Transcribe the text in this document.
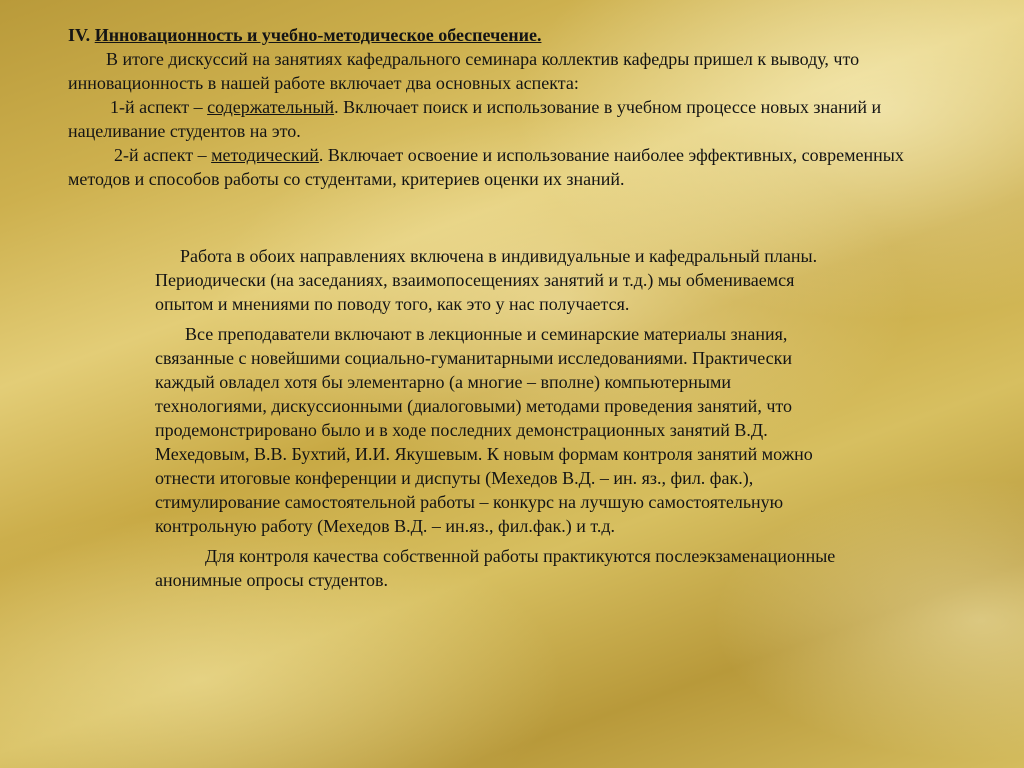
IV. Инновационность и учебно-методическое обеспечение.

В итоге дискуссий на занятиях кафедрального семинара коллектив кафедры пришел к выводу, что инновационность в нашей работе включает два основных аспекта:

1-й аспект – содержательный. Включает поиск и использование в учебном процессе новых знаний и нацеливание студентов на это.

2-й аспект – методический. Включает освоение и использование наиболее эффективных, современных методов и способов работы со студентами, критериев оценки их знаний.

Работа в обоих направлениях включена в индивидуальные и кафедральный планы. Периодически (на заседаниях, взаимопосещениях занятий и т.д.) мы обмениваемся опытом и мнениями по поводу того, как это у нас получается.

Все преподаватели включают в лекционные и семинарские материалы знания, связанные с новейшими социально-гуманитарными исследованиями. Практически каждый овладел хотя бы элементарно (а многие – вполне) компьютерными технологиями, дискуссионными (диалоговыми) методами проведения занятий, что продемонстрировано было и в ходе последних демонстрационных занятий В.Д. Мехедовым, В.В. Бухтий, И.И. Якушевым. К новым формам контроля занятий можно отнести итоговые конференции и диспуты (Мехедов В.Д. – ин. яз., фил. фак.), стимулирование самостоятельной работы – конкурс на лучшую самостоятельную контрольную работу (Мехедов В.Д. – ин.яз., фил.фак.) и т.д.

Для контроля качества собственной работы практикуются послеэкзаменационные анонимные опросы студентов.
